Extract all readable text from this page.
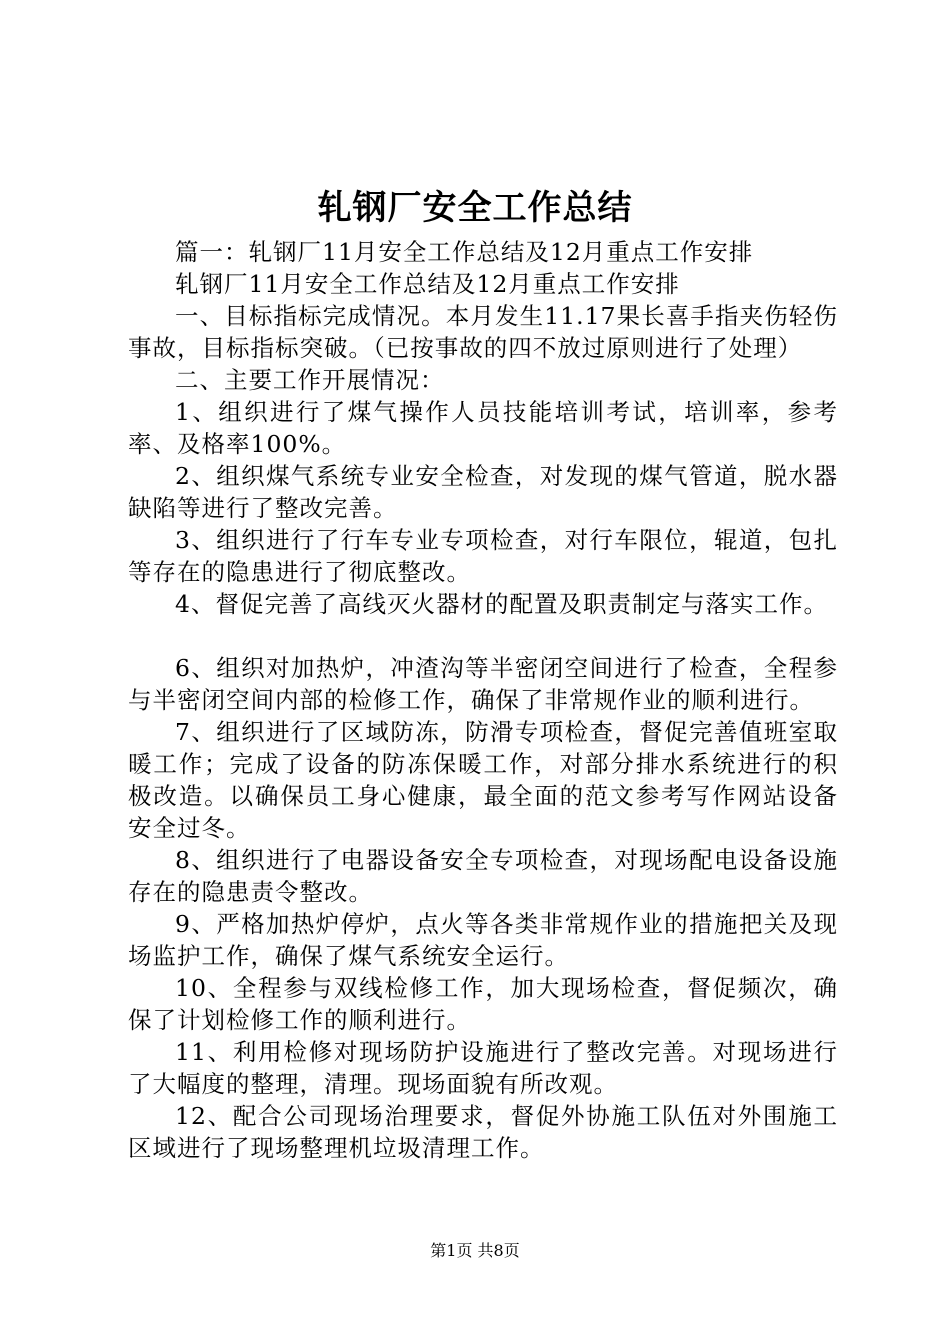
轧钢厂安全工作总结

篇一：轧钢厂11月安全工作总结及12月重点工作安排

轧钢厂11月安全工作总结及12月重点工作安排

一、目标指标完成情况。本月发生11.17果长喜手指夹伤轻伤事故，目标指标突破。（已按事故的四不放过原则进行了处理）

二、主要工作开展情况：

1、组织进行了煤气操作人员技能培训考试，培训率，参考率、及格率100%。

2、组织煤气系统专业安全检查，对发现的煤气管道，脱水器缺陷等进行了整改完善。

3、组织进行了行车专业专项检查，对行车限位，辊道，包扎等存在的隐患进行了彻底整改。

4、督促完善了高线灭火器材的配置及职责制定与落实工作。

6、组织对加热炉，冲渣沟等半密闭空间进行了检查，全程参与半密闭空间内部的检修工作，确保了非常规作业的顺利进行。

7、组织进行了区域防冻，防滑专项检查，督促完善值班室取暖工作；完成了设备的防冻保暖工作，对部分排水系统进行的积极改造。以确保员工身心健康，最全面的范文参考写作网站设备安全过冬。

8、组织进行了电器设备安全专项检查，对现场配电设备设施存在的隐患责令整改。

9、严格加热炉停炉，点火等各类非常规作业的措施把关及现场监护工作，确保了煤气系统安全运行。

10、全程参与双线检修工作，加大现场检查，督促频次，确保了计划检修工作的顺利进行。

11、利用检修对现场防护设施进行了整改完善。对现场进行了大幅度的整理，清理。现场面貌有所改观。

12、配合公司现场治理要求，督促外协施工队伍对外围施工区域进行了现场整理机垃圾清理工作。

第1页 共8页
